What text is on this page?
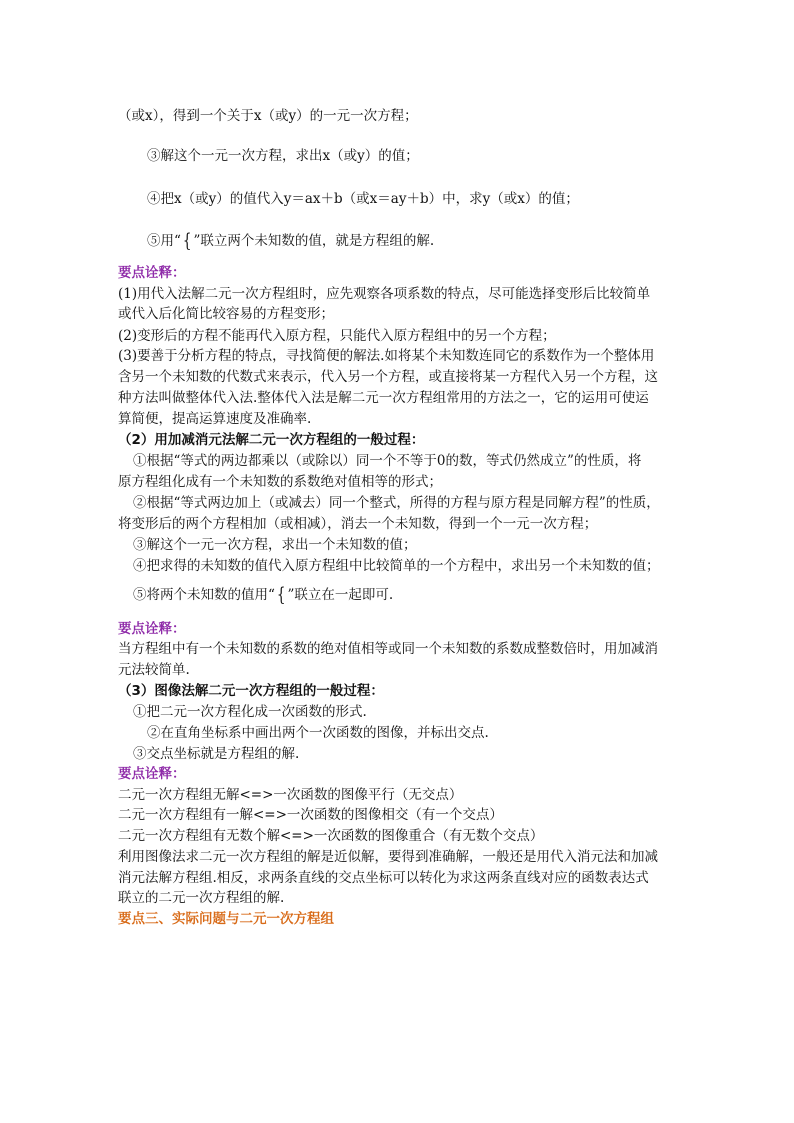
（或x），得到一个关于x（或y）的一元一次方程；
③解这个一元一次方程，求出x（或y）的值；
④把x（或y）的值代入y＝ax＋b（或x＝ay＋b）中，求y（或x）的值；
⑤用“ { ”联立两个未知数的值，就是方程组的解.
要点诠释：
(1)用代入法解二元一次方程组时，应先观察各项系数的特点，尽可能选择变形后比较简单
或代入后化简比较容易的方程变形；
(2)变形后的方程不能再代入原方程，只能代入原方程组中的另一个方程；
(3)要善于分析方程的特点，寻找简便的解法.如将某个未知数连同它的系数作为一个整体用
含另一个未知数的代数式来表示，代入另一个方程，或直接将某一方程代入另一个方程，这
种方法叫做整体代入法.整体代入法是解二元一次方程组常用的方法之一，它的运用可使运
算简便，提高运算速度及准确率.
（2）用加减消元法解二元一次方程组的一般过程：
①根据“等式的两边都乘以（或除以）同一个不等于0的数，等式仍然成立”的性质，将
原方程组化成有一个未知数的系数绝对值相等的形式；
②根据“等式两边加上（或减去）同一个整式，所得的方程与原方程是同解方程”的性质，
将变形后的两个方程相加（或相减），消去一个未知数，得到一个一元一次方程；
③解这个一元一次方程，求出一个未知数的值；
④把求得的未知数的值代入原方程组中比较简单的一个方程中，求出另一个未知数的值；
⑤将两个未知数的值用“ { ”联立在一起即可.
要点诠释：
当方程组中有一个未知数的系数的绝对值相等或同一个未知数的系数成整数倍时，用加减消
元法较简单.
（3）图像法解二元一次方程组的一般过程：
①把二元一次方程化成一次函数的形式.
②在直角坐标系中画出两个一次函数的图像，并标出交点.
③交点坐标就是方程组的解.
要点诠释：
二元一次方程组无解<=>一次函数的图像平行（无交点）
二元一次方程组有一解<=>一次函数的图像相交（有一个交点）
二元一次方程组有无数个解<=>一次函数的图像重合（有无数个交点）
利用图像法求二元一次方程组的解是近似解，要得到准确解，一般还是用代入消元法和加减
消元法解方程组.相反，求两条直线的交点坐标可以转化为求这两条直线对应的函数表达式
联立的二元一次方程组的解.
要点三、实际问题与二元一次方程组
